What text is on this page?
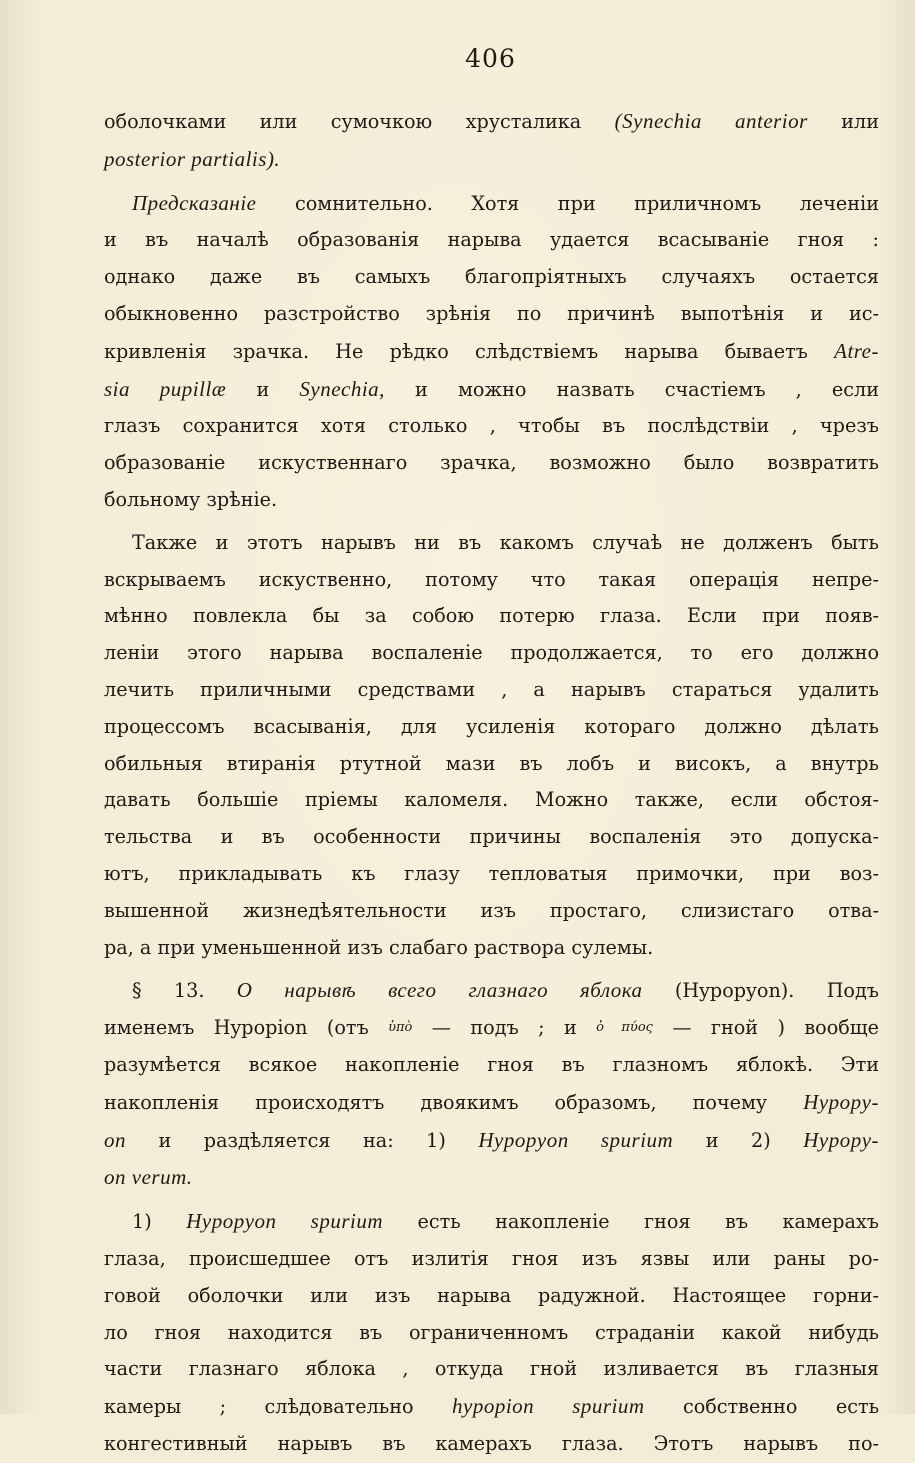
406
оболочками или сумочкою хрусталика (Synechia anterior или
posterior partialis).
Предсказаніе сомнительно. Хотя при приличномъ леченіи
и въ началѣ образованія нарыва удается всасываніе гноя :
однако даже въ самыхъ благопріятныхъ случаяхъ остается
обыкновенно разстройство зрѣнія по причинѣ выпотѣнія и ис-
кривленія зрачка. Не рѣдко слѣдствіемъ нарыва бываетъ Atre-
sia pupillæ и Synechia, и можно назвать счастіемъ , если
глазъ сохранится хотя столько , чтобы въ послѣдствіи , чрезъ
образованіе искуственнаго зрачка, возможно было возвратить
больному зрѣніе.
Также и этотъ нарывъ ни въ какомъ случаѣ не долженъ быть
вскрываемъ искуственно, потому что такая операція непре-
мѣнно повлекла бы за собою потерю глаза. Если при появ-
леніи этого нарыва воспаленіе продолжается, то его должно
лечить приличными средствами , а нарывъ стараться удалить
процессомъ всасыванія, для усиленія котораго должно дѣлать
обильныя втиранія ртутной мази въ лобъ и високъ, а внутрь
давать большіе пріемы каломеля. Можно также, если обстоя-
тельства и въ особенности причины воспаленія это допуска-
ютъ, прикладывать къ глазу тепловатыя примочки, при воз-
вышенной жизнедѣятельности изъ простаго, слизистаго отва-
ра, а при уменьшенной изъ слабаго раствора сулемы.
§ 13. О нарывѣ всего глазнаго яблока (Hypopyon). Подъ
именемъ Hypopion (отъ ὑπὸ — подъ ; и ὁ πύος — гной ) вообще
разумѣется всякое накопленіе гноя въ глазномъ яблокѣ. Эти
накопленія происходятъ двоякимъ образомъ, почему Hypopy-
on и раздѣляется на: 1) Hypopyon spurium и 2) Hypopy-
on verum.
1) Hypopyon spurium есть накопленіе гноя въ камерахъ
глаза, происшедшее отъ излитія гноя изъ язвы или раны ро-
говой оболочки или изъ нарыва радужной. Настоящее горни-
ло гноя находится въ ограниченномъ страданіи какой нибудь
части глазнаго яблока , откуда гной изливается въ глазныя
камеры ; слѣдовательно hypopion spurium собственно есть
конгестивный нарывъ въ камерахъ глаза. Этотъ нарывъ по-
